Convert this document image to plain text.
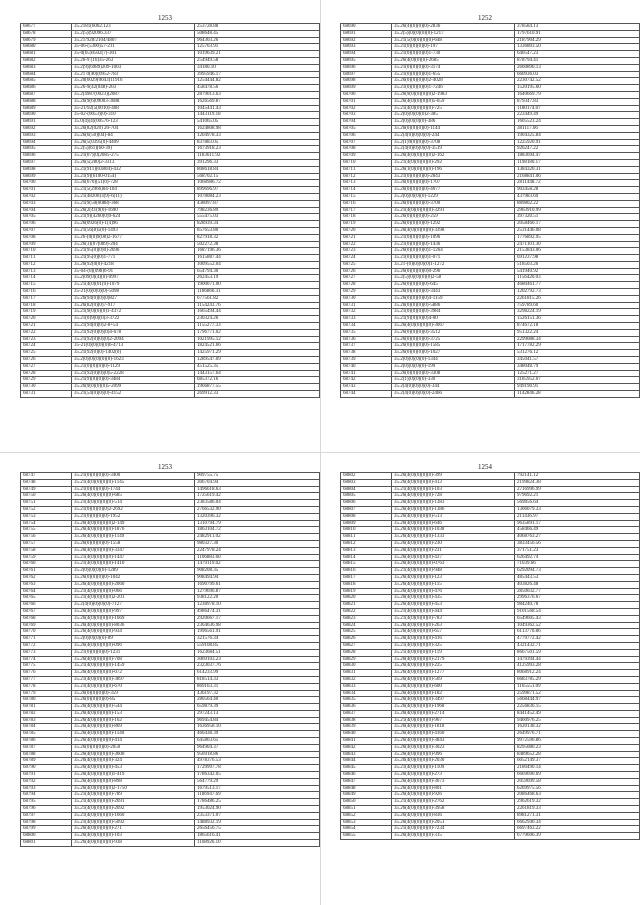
1253
68677	35.2181(6002.123	253728.88
68678	35.2(5)(92096.337	508648.45
68679	35.21/928/2104/4807	964303.26
68680	35-06-(5300)57-211	125763.91
68681	35-0(65)0502(7)-301	1019639.21
68682	35.26-9 (16)35-263	254949.58
68683	35.2(9)(6989)209-1003	34180.10
68684	35.21 0(40)(0952-783	3995946.17
68685	35.20(6029(0043)11916	1254444.82
68686	35.26-9(42(048)-203	458478.56
68687	35.2(4987(0023)(2087	2879013.63
68688	35.26(9(6)09003-3088	1626569.87
68689	35-21/92(5(0010)-408	1045441.43
68690	35-02-(0053)(0)-310	1443119.18
68691	35.0(4)(4)(00576-123	541065.05
68692	35.26(82(020) 20-704	1624808.98
68693	35.26(6(50)(04)-84	1204978.33
68694	35.26(5(0395(0)-4409	837883.05
68695	35.2(5)(61)(60-39)	1673918.23
68696	35.21(07)(0(2085-275	1183611.92
68697	35.26(5(280)2-3313	391296.33
68698	35.21(911)(03804)-432	808618.84
68699	35.21(9)(6100-0154)	568702.15
68700	35.26(670)(51(0)-728	1068986.72
68701	35.21(5(2966)04-104	899696.97
68702	35.21(48200)3(9)-6(11)	1078084.23
68703	35.21(9(50(0088)-368	438097.87
68704	35.26(2(41(9(0)-1690	798236.89
68705	35.21(9)(4260(0)9-624	555475.03
68706	35.26(0926(0)-1(4)96	828939.34
68707	35.21(56(8)5(0)-1493	857653.80
68708	35.26-(0(0)9(08)2-1677	827918.32
68709	35.26(3)(07(089)-204	502272.38
68710	35.21(95(0)(0)0)-2696	1687196.36
68711	35.21(95(0)(0)1-771	1615887.44
68712	35.26(92(0(0)-4218	1009552.04
68713	35-04-(0)(098)6-91	654794.30
68714	35.2(09(0)(4)(0)-0997	262453.19
68715	35.21(4(0)(01(0)-1079	1900071.00
68716	35-21(0)(0(0)(0)-5098	1186866.31
68717	35.26(94(0)(0)(0)827	677561.82
68718	35.26(82(0)(0)7-917	1154243.76
68719	35.21(9(0)(0)(0)1-4372	1665494.44
68720	35.21(0)9(0)(0)3-3722	230324.26
68721	35.21(94(0)(0)2-8+54	1155277.33
68722	35.21(92(0)(0)(0)4-678	1796771.02
68723	35.21(92(0)(0)(0)2-2094	1021995.12
68724	35-21(0)(0)(0)(0)6-4713	1824521.66
68725	35.21(92(0)(0)-1402(0)	1425971.29
68726	35.2(0)(0)(0)(0)(0)-1623	1289547.09
68727	35.21(0)(0)(0)(0)-1129	451525.35
68728	35.21(92(0)(0)(0)5-2228	1443157.64
68729	35.21(9)(0)(0)(0)-3484	685372.16
68730	35.26(9(0)(0)(0)5-2099	1966877.55
68731	35.21(54(0)(0)(0)-4152	269912.33
1252
68690	35.26(4)(0)(0)(0)-2836	378584.13
68691	35.2(5)(0)(0)(0)(0)-1217	1797610.91
68692	35.21(5(0)(0)(0)(0)-648	2187904.29
68693	35.21(0)(0)(0)(0)-197	1336803.50
68694	35.21(0)(0)(0)(0)1-730	640547.23
68695	35.26(4(0)(0)(0)-2685	878794.41
68696	35.21(0)(0)(0)(0)-3174	2660890.13
68697	35.21(0)(0)(0)(0)1-655	660936.03
68698	35.26(0)(0)(0)(0)2-4028	2230742.52
68699	35.21(0)(0)(0)(0)1-7246	1520195.60
68700	35.26(9(0)(0)(0)(0)2-1983	1640669.79
68701	35.26(4(0)(0)(0)(0)5-659	879347.83
68702	35.21(4(0)(0)(0)(0)-725	1180174.07
68703	35.2(0)(0)(0)(0)2-385	223449.49
68704	35.2(0)(0)(0)(0)-386	1605523.24
68705	35.26(0)(0)(0)(0)-1144	381117.06
68706	35.2(4(0)(0)(0)(0)-244	1904325.84
68707	35.2(1)9(0)(0)(0)-3708	1225920.91
68708	35.2(4(0)(0)(0)(0)-3519	926247.22
68709	35.26(4(0)(0)(0)(0)2-162	1883694.47
68710	35.21(4(0)(0)(0)(0)-292	1198180.17
68711	35.26(1(0)(0)(0)(0)-196	1384320.31
68712	35.21(0)(0)(0)(0)-2843	2168841.06
68713	35.26(0)(0)(0)(0)-1707	2811448.72
68714	35.26(0)(0)(0)(0)-4077	903458.28
68715	35.2(0)(0)(0)(0)-1229	437983.69
68716	35.26(0)(0)(0)(0)-3700	889802.22
68717	35.21(4(0)(0)(0)(0)-3291	2963910.99
68718	35.26(0)(0)(0)(0)-259	397320.51
68719	35.26(0)(0)(0)(0)-1292	2058460.17
68720	35.26(4(0)(0)(0)(0)-3398	2531446.08
68721	35.21(0)(0)(0)(0)-1096	1776892.95
68722	35.21(0)(0)(0)(0)-1436	2471101.30
68723	35.26(0)(0)(0)(0)1-1264	2153843.06
68724	35.21(0)(0)(0)(0)1-071	691237.98
68725	35.21-(0)(0)(0)(0)1-1272	518503.26
68726	35.26(0)(0)(0)(0)0-296	541940.92
68727	35.2(5)(0)(0)(0)(0)2-58	1156420.03
68728	35.26(0)(0)(0)(0)-645	4680461.77
68729	35.26(0)(0)(0)(0)-3443	1202792.73
68730	35.26(0)(0)(0)(0)4-1159	2261815.26
68731	35.26(0)(0)(0)(0)-5886	759789.60
68732	35.21(0)(0)(0)(0)-3984	3298224.19
68733	35.21(9)(0)(0)(0)4-00	1526151.36
68734	35.26(4(0)(0)(0)(0)-3067	874672.18
68735	35.26(0)(0)(0)(0)-3512	951322.24
68736	35.26(0)(0)(0)(0)-3725	2299088.34
68737	35.26(0)(0)(0)(0)-1585	1717782.29
68738	35.26(0)(0)(0)(0)-1027	531276.12
68739	35.2(0)(0)(0)(0)-1344	345041.57
68740	35.2(0)(0)(0)(0)-199	348048.79
68741	35.26(0)(0)(0)(0)-3308	125271.27
68742	35.2(1)(0)(0)(0)-330	3185952.07
68743	35.2(4(0)(0)(0)(0)-344	949190.91
68744	35.2(4(0)(0)(0)(0)-2466	1142846.28
1253
68747	35.21(0)(0)(0)(0)-3400	909755.75
68748	35.21(4(0)(0)(0)(0)-1145	306704.94
68749	35.21(0)(0)(0)(0)-1744	1496618.63
68750	35.26(4(0)(0)(0)(0)-685	1725619.42
68751	35.21(4(0)(0)(0)(0)-514	2383586.04
68752	35.21(0)(0)(0)(0)2-2692	2766532.90
68753	35.21(0)(0)(0)(0)-1952	1320396.32
68754	35.26(4(0)(0)(0)(0)2-149	1310794.79
68755	35.26(4(0)(0)(0)(0)-1876	1863104.72
68756	35.26(4(0)(0)(0)(0)-1149	2482911.02
68757	35.26(0)(0)(0)(0)-1558	980327.30
68758	35.26(4(0)(0)(0)(0)-3347	2247978.24
68759	35.21(4(0)(0)(0)(0)-1447	1106883.60
68760	35.21(4(0)(0)(0)(0)-1410	1479119.02
68761	35.2(0)(0)(0)(0)-1289	908208.35
68762	35.26(0)(0)(0)(0)-1042	908494.94
68763	35.26(4(0)(0)(0)(0)-2060	1690799.61
68764	35.21(4(0)(0)(0)(0)-066	1279696.87
68765	35.21(4(0)(0)(0)(0)2-201	938122.20
68766	35.2(4(0)(0)(0)(0)-7127	1238978.10
68767	35.26(4(0)(0)(0)(0)-997	4986474.31
68768	35.26(4(0)(0)(0)(0)-1669	2920667.17
68769	35.26(4(0)(0)(0)(0)-8036	2364636.98
68770	35.26(4(0)(0)(0)(0)-934	1996561.91
68771	35.2(0)(0)(0)(0)-09	321576.34
68772	35.26(4(0)(0)(0)(0)-096	559108.85
68773	35.21(0)(0)(0)(0)-1231	1623684.51
68774	35.26(4(0)(0)(0)(0)-708	3069103.23
68775	35.21(4(0)(0)(0)(0)-1459	2323037.76
68776	35.26(4(0)(0)(0)(0)-072	614233.99
68777	35.21(4(0)(0)(0)(0)-3897	818514.33
68778	35.21(4(0)(0)(0)(0)-670	869163.31
68779	35.26(0)(0)(0)(0)-359	436197.32
68780	35.26(0)(0)(0)(0)-85	280564.40
68781	35.26(4(0)(0)(0)(0)-544	659879.39
68782	35.26(4(0)(0)(0)(0)-153	297243.13
68783	35.26(4(0)(0)(0)(0)-162	969454.84
68784	35.26(4(0)(0)(0)(0)-869	1636958.10
68785	35.26(4(0)(0)(0)(0)-1140	466438.39
68786	35.26(4(0)(0)(0)(0)-414	645863.65
68787	35.26(0)(0)(0)(0)-2050	964904.37
68788	35.26(4(0)(0)(0)(0)-3600	956918.86
68789	35.26(4(0)(0)(0)(0)-324	4978376.53
68790	35.26(4(0)(0)(0)(0)-453	1729997.78
68791	35.26(4(0)(0)(0)(0)1-419	1786342.05
68792	35.26(4(0)(0)(0)(0)-898	564779.29
68793	35.26(4(0)(0)(0)(0)2-1750	1679513.17
68794	35.21(4(0)(0)(0)(0)-789	1186947.69
68795	35.21(4(0)(0)(0)(0)-2691	1786486.25
68796	35.21(4(0)(0)(0)(0)-2692	1953024.90
68797	35.21(4(0)(0)(0)(0)-1660	2353371.07
68798	35.21(4(0)(0)(0)(0)-5092	1488932.19
68799	35.26(4(0)(0)(0)(0)-271	2656456.75
68800	35.26(4(0)(0)(0)(0)-103	1865616.41
68801	35.26(4(0)(0)(0)(0)-938	1108926.10
1254
68802	35.26(4(0)(0)(0)(0)-399	792141.12
68803	35.26(4(0)(0)(0)(0)-413	2199824.38
68804	35.21(4(0)(0)(0)(0)-103	2716996.99
68805	35.26(4(0)(0)(0)(0)-728	979692.21
68806	35.26(4(0)(0)(0)(0)-1383	569856.64
68807	35.26(4(0)(0)(0)(0)-1386	1306079.33
68808	35.26(4(0)(0)(0)(0)-513	211436.97
68809	35.26(4(0)(0)(0)(0)-646	9635891.17
68810	35.26(4(0)(0)(0)(0)-1038	458466.49
68811	35.26(4(0)(0)(0)(0)-1333	4068763.27
68812	35.26(4(0)(0)(0)(0)-230	3833456.56
68813	35.26(4(0)(0)(0)(0)-231	371751.23
68814	35.26(4(0)(0)(0)(0)-437	626492.74
68815	35.26(4(0)(0)(0)(0)-0763	71039.66
68816	35.21(4(0)(0)(0)(0)-948	6292094.73
68817	35.26(4(0)(0)(0)(0)-123	485443.53
68818	35.26(4(0)(0)(0)(0)-115	403826.48
68819	35.26(4(0)(0)(0)(0)-476	2850032.77
68820	35.26(4(0)(0)(0)(0)-435	2996376.67
68821	35.26(4(0)(0)(0)(0)-453	984240.78
68822	35.21(4(0)(0)(0)(0)-444	9101568.54
68823	35.21(4(0)(0)(0)(0)-783	6549605.43
68824	35.26(4(0)(0)(0)(0)-263	1049362.52
68825	35.26(4(0)(0)(0)(0)-657	6113770.86
68826	35.26(4(0)(0)(0)(0)-416	4779772.42
68827	35.21(4(0)(0)(0)(0)-325	4321432.71
68828	35.21(4(0)(0)(0)(0)-119	8667501.59
68829	35.26(4(0)(0)(0)(0)-2179	1479394.44
68830	35.26(4(0)(0)(0)(0)-225	4125993.28
68831	35.26(4(0)(0)(0)(0)-1277	8068912.24
68832	35.26(4(0)(0)(0)(0)-569	6683785.29
68833	35.26(4(0)(0)(0)(0)-600	1165551.09
68834	35.26(4(0)(0)(0)(0)-182	2599871.52
68835	35.26(4(0)(0)(0)(0)-3497	5668444.97
68836	35.26(4(0)(0)(0)(0)-1968	2256836.15
68837	35.26(4(0)(0)(0)(0)-2714	8441452.49
68838	35.21(4(0)(0)(0)(0)-967	9460976.25
68839	35.26(4(0)(0)(0)(0)-1818	1620138.32
68840	35.26(4(0)(0)(0)(0)-4160	2649976.71
68841	35.26(4(0)(0)(0)(0)-3843	9972596.86
68842	35.26(4(0)(0)(0)(0)-3023	8295080.23
68843	35.26(4(0)(0)(0)(0)-996	8489652.28
68844	35.26(4(0)(0)(0)(0)-2030	6052149.37
68845	35.21(4(0)(0)(0)(0)-1109	2180490.14
68846	35.26(4(0)(0)(0)(0)-273	6669690.69
68847	35.26(4(0)(0)(0)(0)-3673	2059699.58
68848	35.26(4(0)(0)(0)(0)-801	6269975.56
68849	35.26(4(0)(0)(0)(0)-926	2086468.63
68850	35.21(4(0)(0)(0)(0)-2762	2962619.32
68851	35.26(4(0)(0)(0)(0)-3958	2261819.33
68852	35.26(4(0)(0)(0)(0)-836	8981271.31
68853	35.26(4(0)(0)(0)(0)-2051	6662940.34
68854	35.21(4(0)(0)(0)(0)-7234	6697463.22
68855	35.26(4(0)(0)(0)(0)-315	6779606.39
